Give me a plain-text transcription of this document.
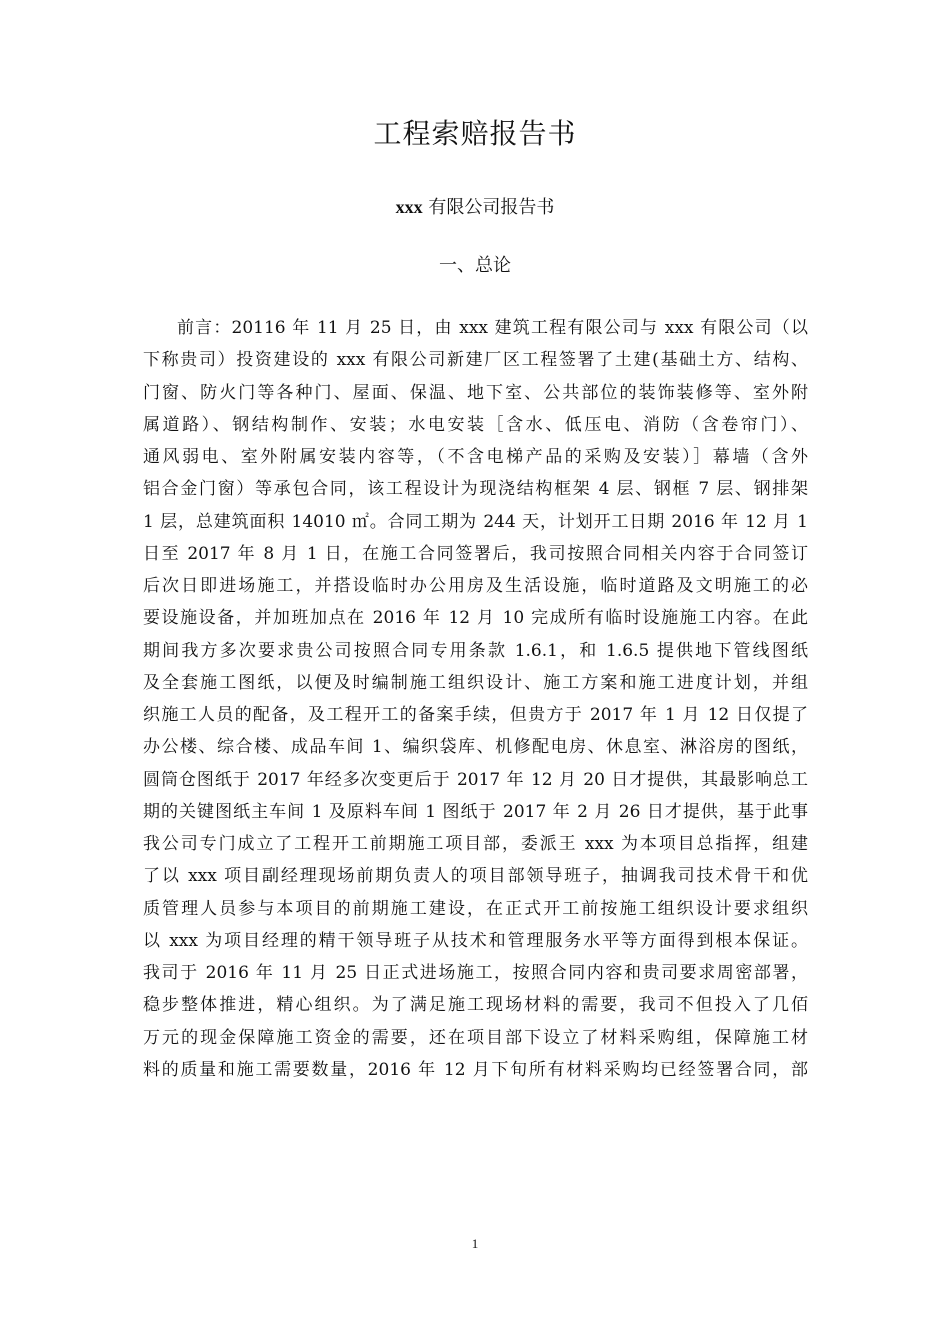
工程索赔报告书
xxx 有限公司报告书
一、总论
前言：20116 年 11 月 25 日，由 xxx 建筑工程有限公司与 xxx 有限公司（以
下称贵司）投资建设的 xxx 有限公司新建厂区工程签署了土建(基础土方、结构、
门窗、防火门等各种门、屋面、保温、地下室、公共部位的装饰装修等、室外附
属道路）、钢结构制作、安装；水电安装［含水、低压电、消防（含卷帘门）、
通风弱电、室外附属安装内容等，（不含电梯产品的采购及安装）］幕墙（含外
铝合金门窗）等承包合同，该工程设计为现浇结构框架 4 层、钢框 7 层、钢排架
1 层，总建筑面积 14010 ㎡。合同工期为 244 天，计划开工日期 2016 年 12 月 1
日至 2017 年 8 月 1 日，在施工合同签署后，我司按照合同相关内容于合同签订
后次日即进场施工，并搭设临时办公用房及生活设施，临时道路及文明施工的必
要设施设备，并加班加点在 2016 年 12 月 10 完成所有临时设施施工内容。在此
期间我方多次要求贵公司按照合同专用条款 1.6.1，和 1.6.5 提供地下管线图纸
及全套施工图纸，以便及时编制施工组织设计、施工方案和施工进度计划，并组
织施工人员的配备，及工程开工的备案手续，但贵方于 2017 年 1 月 12 日仅提了
办公楼、综合楼、成品车间 1、编织袋库、机修配电房、休息室、淋浴房的图纸，
圆筒仓图纸于 2017 年经多次变更后于 2017 年 12 月 20 日才提供，其最影响总工
期的关键图纸主车间 1 及原料车间 1 图纸于 2017 年 2 月 26 日才提供，基于此事
我公司专门成立了工程开工前期施工项目部，委派王 xxx 为本项目总指挥，组建
了以 xxx 项目副经理现场前期负责人的项目部领导班子，抽调我司技术骨干和优
质管理人员参与本项目的前期施工建设，在正式开工前按施工组织设计要求组织
以 xxx 为项目经理的精干领导班子从技术和管理服务水平等方面得到根本保证。
我司于 2016 年 11 月 25 日正式进场施工，按照合同内容和贵司要求周密部署，
稳步整体推进，精心组织。为了满足施工现场材料的需要，我司不但投入了几佰
万元的现金保障施工资金的需要，还在项目部下设立了材料采购组，保障施工材
料的质量和施工需要数量，2016 年 12 月下旬所有材料采购均已经签署合同，部
1
